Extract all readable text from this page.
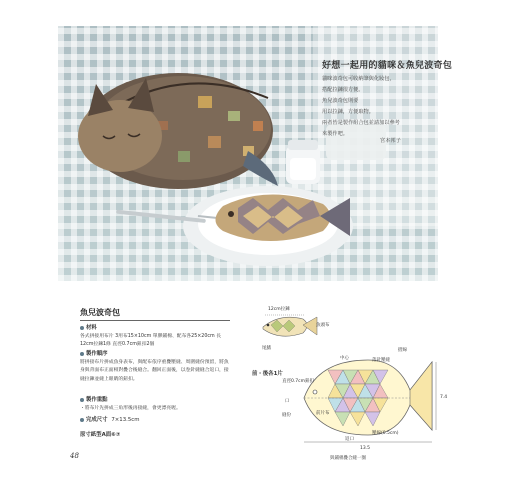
好想一起用的貓咪＆魚兒波奇包
貓咪波奇包可收納筆與化妝包，
搭配拉鍊很方便。
魚兒波奇包則要
用以拉鍊，方便取物。
兩者皆是製作組合包並請加以參考
來製作吧。
宮本邦子
魚兒波奇包
材料

各式拼接用布片 3用布15×10cm 單膠鋪棉、配布各25×20cm 長12cm拉鍊1條 直徑0.7cm鈕扣2個

製作順序

將拼接布片拼成魚身表布，與配布依序重疊壓縫、周圍縫份預留，將魚身與背面布正面相對疊合後縫合。翻回正面後，以卷針縫縫合返口，接縫拉鍊並縫上眼睛的鈕扣。

製作重點

・將布片先拼成三角形後再接縫，會更漂亮喔。

完成尺寸
7×13.5cm
原寸紙型A面⑥⑦
48
12cm拉鍊
魚頭布
尾鰭
前・後各1片
中心	落針壓縫
摺線
直徑0.7cm鈕扣
口
縫份
返口
壓線(0.5cm)
前片布
7.4
13.5
與鋪棉疊合縫一圈
